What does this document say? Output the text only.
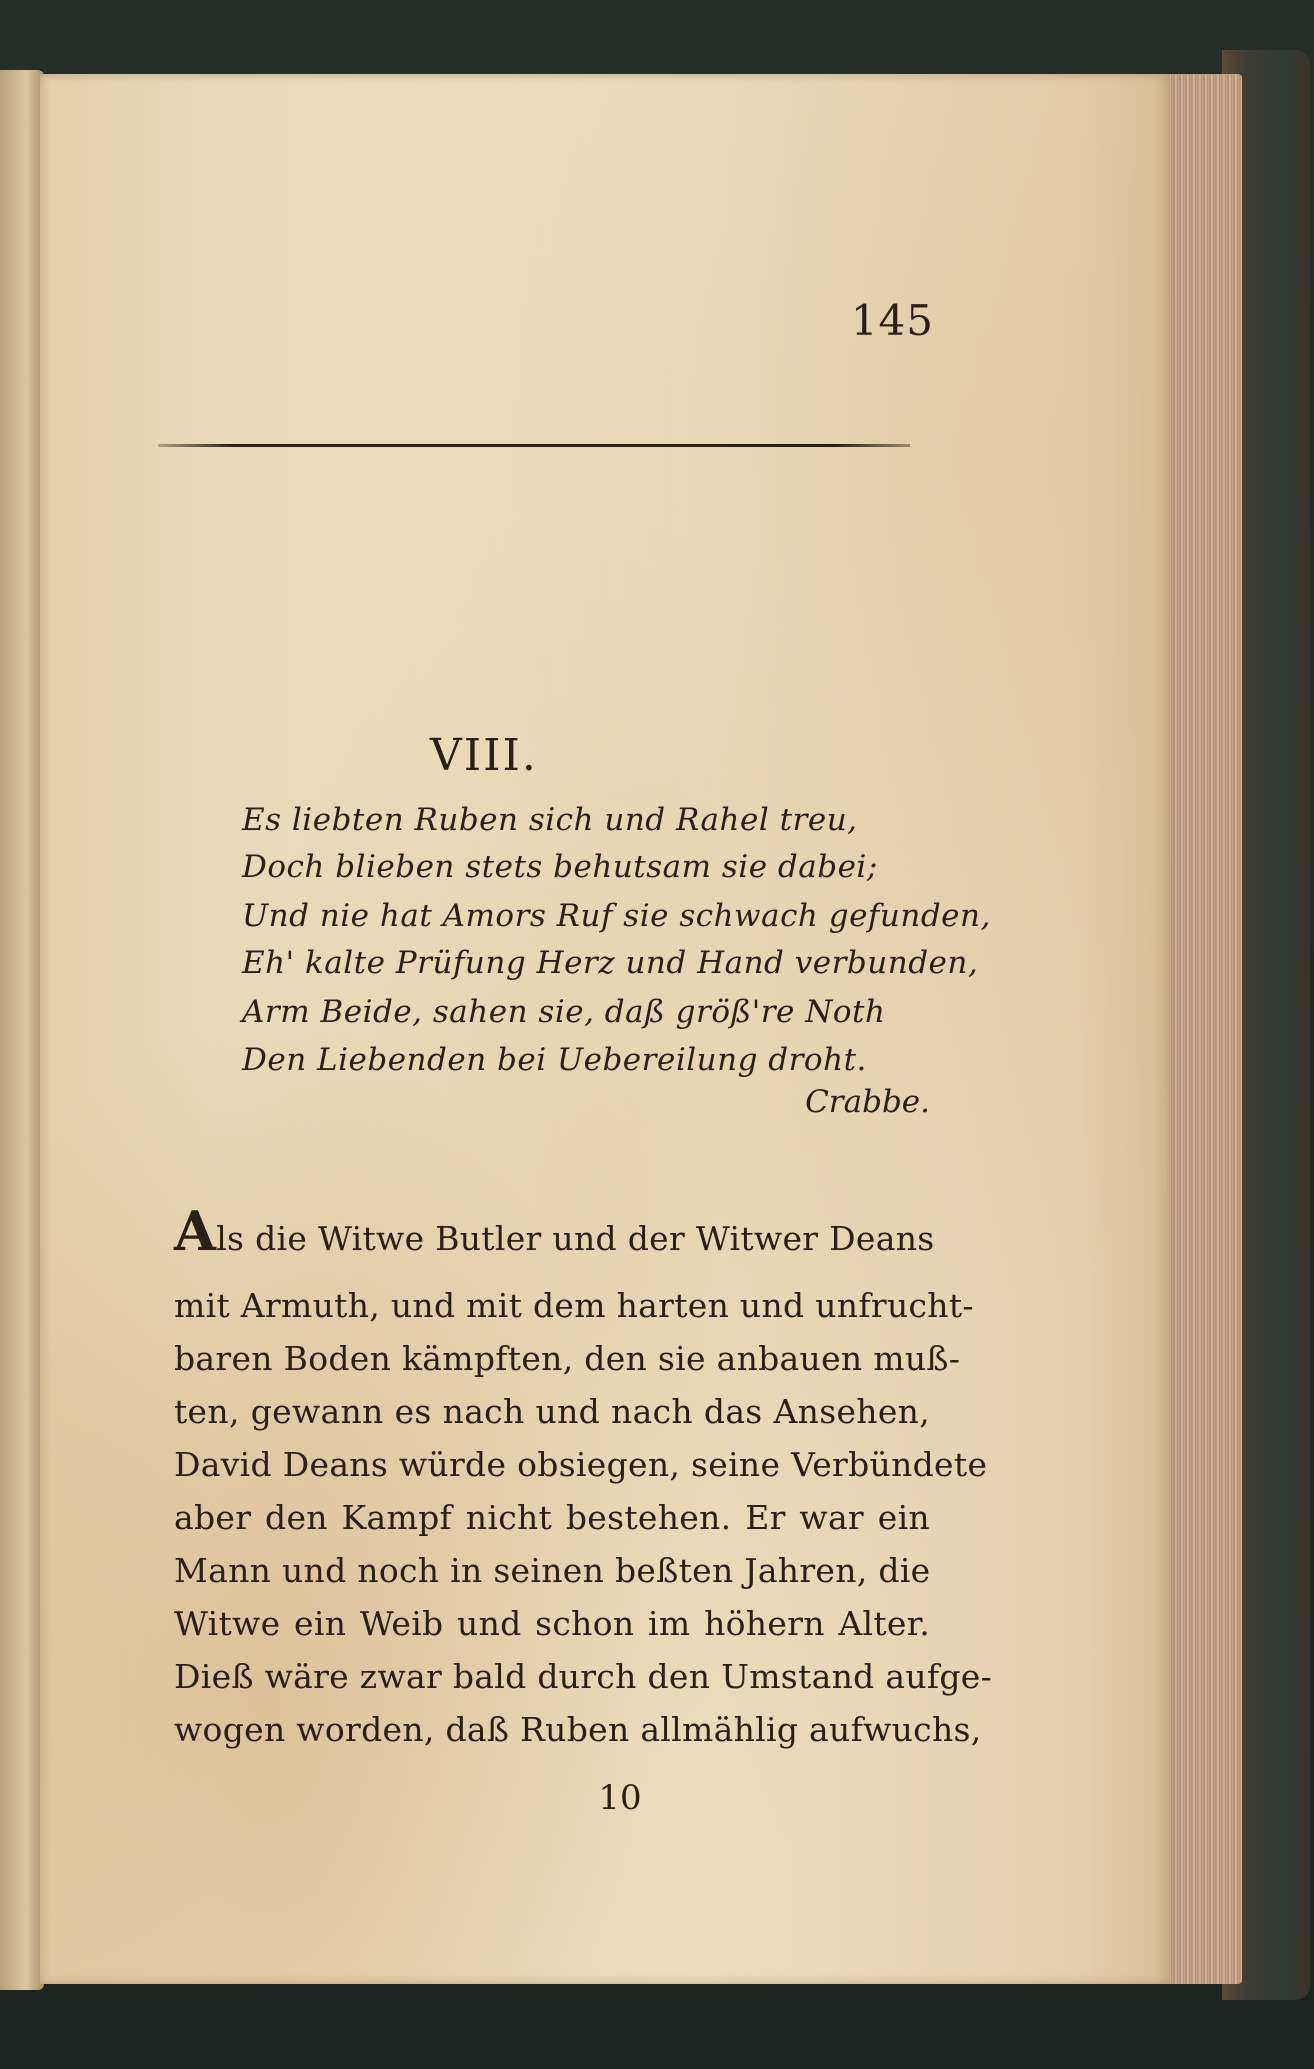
145
VIII.
Es liebten Ruben sich und Rahel treu,
Doch blieben stets behutsam sie dabei;
Und nie hat Amors Ruf sie schwach gefunden,
Eh' kalte Prüfung Herz und Hand verbunden,
Arm Beide, sahen sie, daß größ're Noth
Den Liebenden bei Uebereilung droht.
Crabbe.
Als die Witwe Butler und der Witwer Deans
mit Armuth, und mit dem harten und unfrucht-
baren Boden kämpften, den sie anbauen muß-
ten, gewann es nach und nach das Ansehen,
David Deans würde obsiegen, seine Verbündete
aber den Kampf nicht bestehen. Er war ein
Mann und noch in seinen beßten Jahren, die
Witwe ein Weib und schon im höhern Alter.
Dieß wäre zwar bald durch den Umstand aufge-
wogen worden, daß Ruben allmählig aufwuchs,
10
